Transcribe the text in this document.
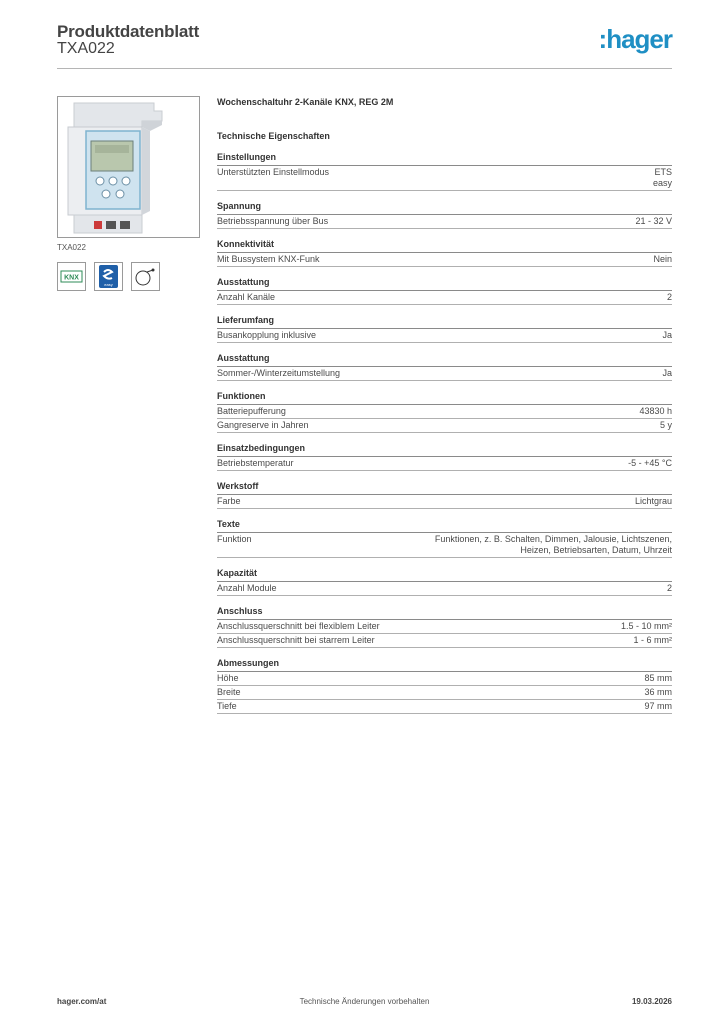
Produktdatenblatt
TXA022	:hager
TXA022
KNX
easy
Wochenschaltuhr 2-Kanäle KNX, REG 2M
Technische Eigenschaften
Einstellungen
Unterstützten Einstellmodus	ETS
easy
Spannung
Betriebsspannung über Bus	21 - 32 V
Konnektivität
Mit Bussystem KNX-Funk	Nein
Ausstattung
Anzahl Kanäle	2
Lieferumfang
Busankopplung inklusive	Ja
Ausstattung
Sommer-/Winterzeitumstellung	Ja
Funktionen
Batteriepufferung	43830 h
Gangreserve in Jahren	5 y
Einsatzbedingungen
Betriebstemperatur	-5 - +45 °C
Werkstoff
Farbe	Lichtgrau
Texte
Funktion	Funktionen, z. B. Schalten, Dimmen, Jalousie, Lichtszenen,
Heizen, Betriebsarten, Datum, Uhrzeit
Kapazität
Anzahl Module	2
Anschluss
Anschlussquerschnitt bei flexiblem Leiter	1.5 - 10 mm²
Anschlussquerschnitt bei starrem Leiter	1 - 6 mm²
Abmessungen
Höhe	85 mm
Breite	36 mm
Tiefe	97 mm
hager.com/at	Technische Änderungen vorbehalten	19.03.2026
